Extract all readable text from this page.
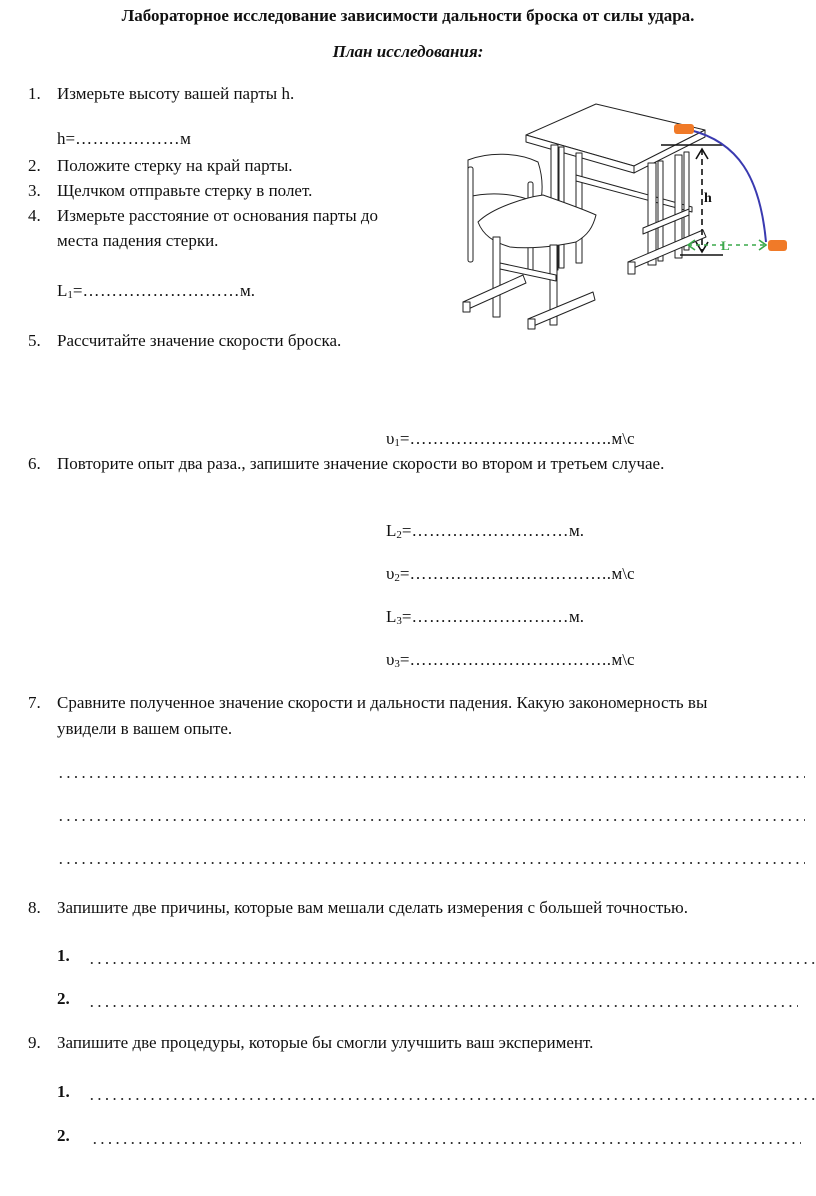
Лабораторное исследование зависимости дальности броска от силы удара.
План исследования:
1. Измерьте высоту вашей парты h.
h=………………м
2. Положите стерку на край парты.
3. Щелчком отправьте стерку в полет.
4. Измерьте расстояние от основания парты до
места падения стерки.
$L_1=\dots\dots\dots\dots\dots\dots\dots\dots\dots м$.
5. Рассчитайте значение скорости броска.
$\upsilon_1=\dots\dots\dots\dots\dots\dots\dots\dots\dots\dots\dots..м\backslash с$
6. Повторите опыт два раза., запишите значение скорости во втором и третьем случае.
$L_2=\dots\dots\dots\dots\dots\dots\dots\dots\dots м$.
$\upsilon_2=\dots\dots\dots\dots\dots\dots\dots\dots\dots\dots\dots..м\backslash с$
$L_3=\dots\dots\dots\dots\dots\dots\dots\dots\dots м$.
$\upsilon_3=\dots\dots\dots\dots\dots\dots\dots\dots\dots\dots\dots..м\backslash с$
7. Сравните полученное значение скорости и дальности падения. Какую закономерность вы
увидели в вашем опыте.
8. Запишите две причины, которые вам мешали сделать измерения с большей точностью.
1.
2.
9. Запишите две процедуры, которые бы смогли улучшить ваш эксперимент.
1.
2.
h
L
